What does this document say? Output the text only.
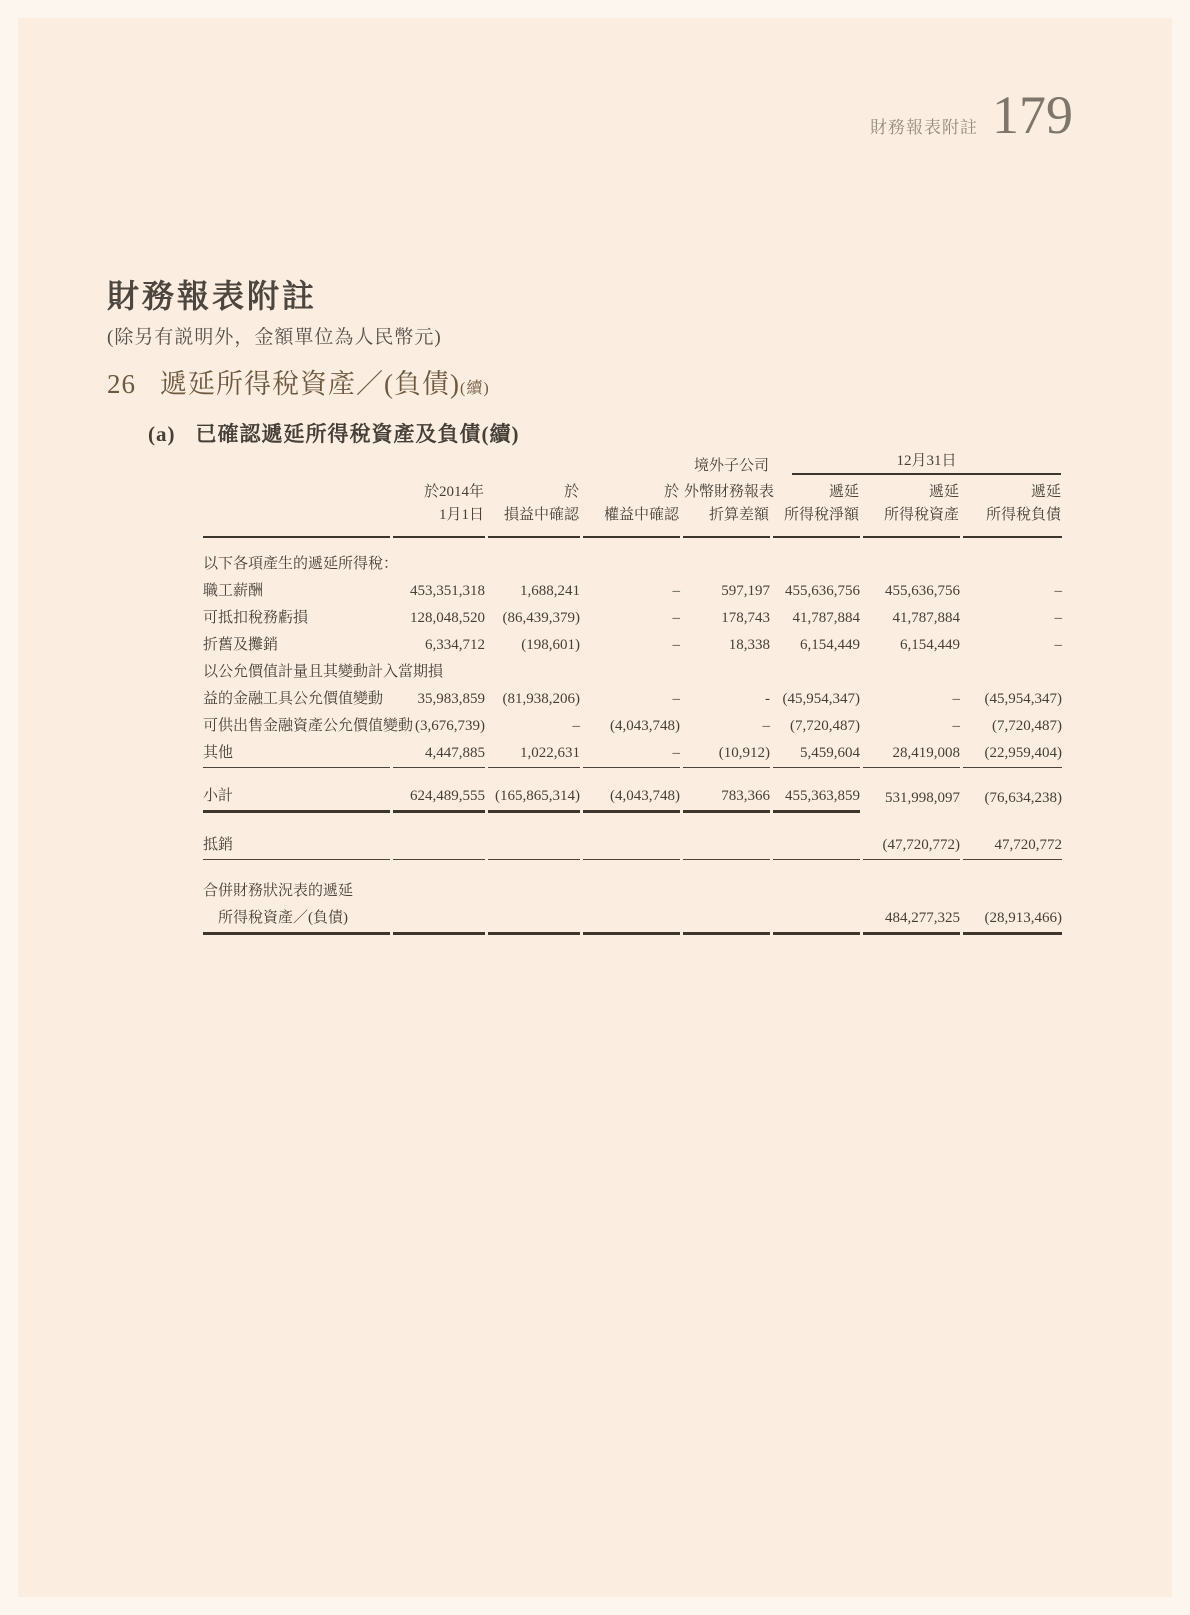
財務報表附註 179
財務報表附註
(除另有説明外，金額單位為人民幣元)
26 遞延所得稅資產／(負債)(續)
(a) 已確認遞延所得稅資產及負債(續)
				境外子公司	12月31日		

	於2014年	於	於	外幣財務報表	遞延	遞延	遞延
	1月1日	損益中確認	權益中確認	折算差額	所得稅淨額	所得稅資產	所得稅負債
以下各項產生的遞延所得稅：							
職工薪酬	453,351,318	1,688,241	–	597,197	455,636,756	455,636,756	–
可抵扣稅務虧損	128,048,520	(86,439,379)	–	178,743	41,787,884	41,787,884	–
折舊及攤銷	6,334,712	(198,601)	–	18,338	6,154,449	6,154,449	–
以公允價值計量且其變動計入當期損							
益的金融工具公允價值變動	35,983,859	(81,938,206)	–	-	(45,954,347)	–	(45,954,347)
可供出售金融資產公允價值變動	(3,676,739)	–	(4,043,748)	–	(7,720,487)	–	(7,720,487)
其他	4,447,885	1,022,631	–	(10,912)	5,459,604	28,419,008	(22,959,404)
小計	624,489,555	(165,865,314)	(4,043,748)	783,366	455,363,859	531,998,097	(76,634,238)
抵銷						(47,720,772)	47,720,772
合併財務狀況表的遞延							
所得稅資產／(負債)						484,277,325	(28,913,466)
